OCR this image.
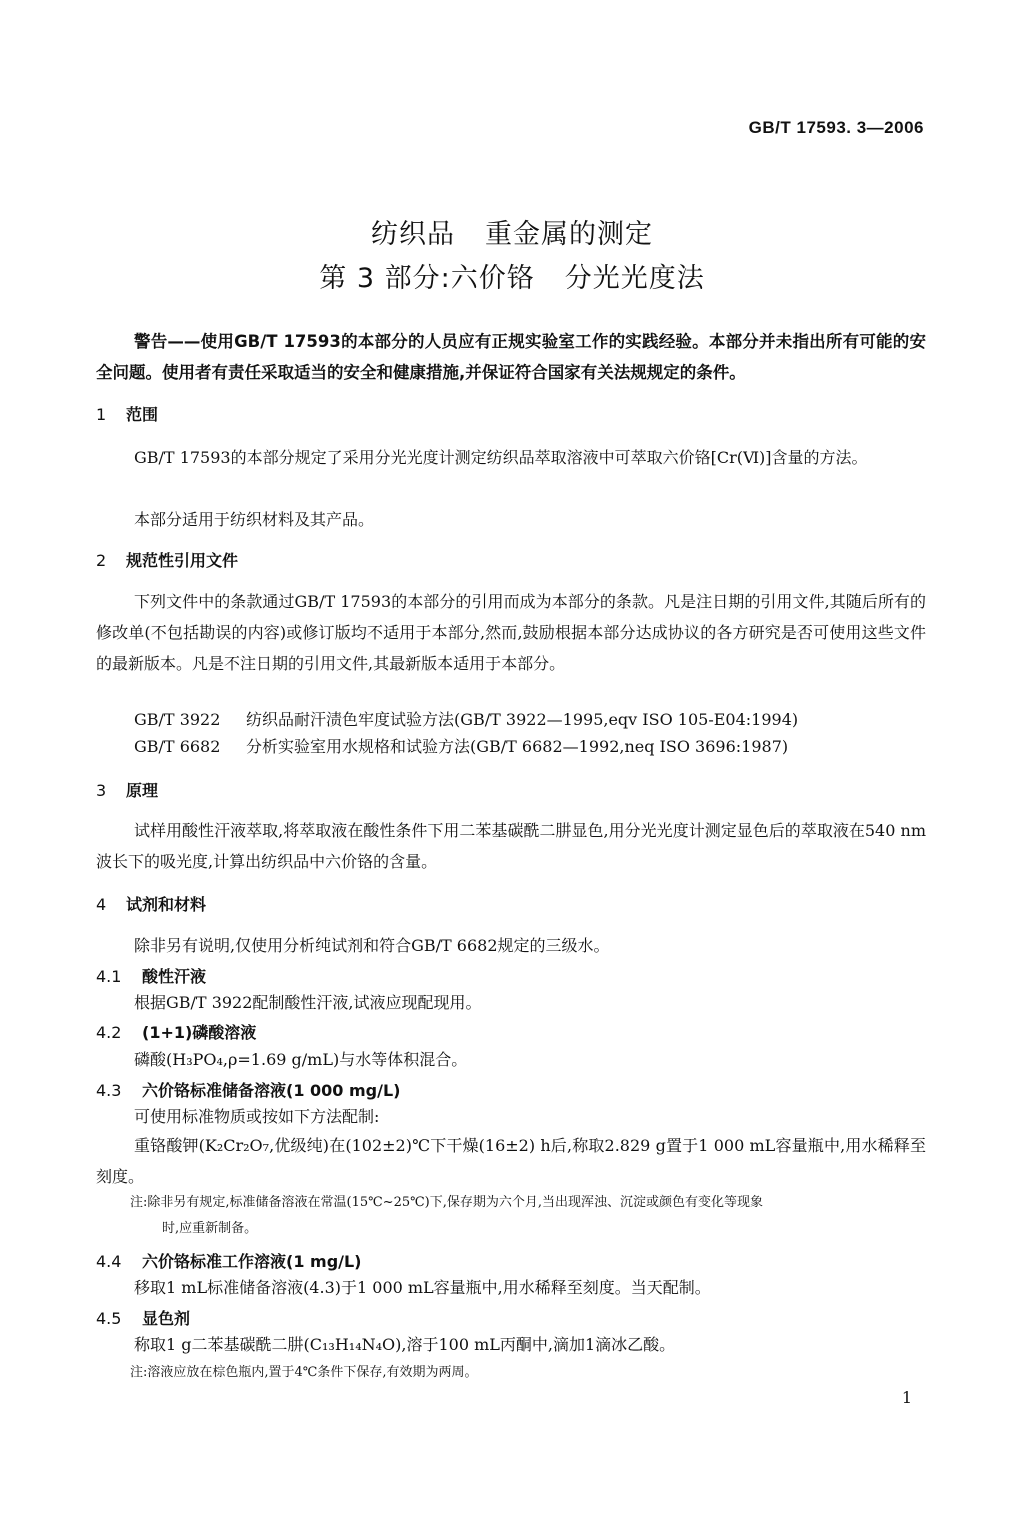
GB/T 17593. 3—2006
纺织品 重金属的测定
第 3 部分:六价铬 分光光度法
警告——使用GB/T 17593的本部分的人员应有正规实验室工作的实践经验。本部分并未指出所有可能的安全问题。使用者有责任采取适当的安全和健康措施,并保证符合国家有关法规规定的条件。
1 范围
GB/T 17593的本部分规定了采用分光光度计测定纺织品萃取溶液中可萃取六价铬[Cr(Ⅵ)]含量的方法。
本部分适用于纺织材料及其产品。
2 规范性引用文件
下列文件中的条款通过GB/T 17593的本部分的引用而成为本部分的条款。凡是注日期的引用文件,其随后所有的修改单(不包括勘误的内容)或修订版均不适用于本部分,然而,鼓励根据本部分达成协议的各方研究是否可使用这些文件的最新版本。凡是不注日期的引用文件,其最新版本适用于本部分。
GB/T 3922 纺织品耐汗渍色牢度试验方法(GB/T 3922—1995,eqv ISO 105-E04:1994)
GB/T 6682 分析实验室用水规格和试验方法(GB/T 6682—1992,neq ISO 3696:1987)
3 原理
试样用酸性汗液萃取,将萃取液在酸性条件下用二苯基碳酰二肼显色,用分光光度计测定显色后的萃取液在540 nm波长下的吸光度,计算出纺织品中六价铬的含量。
4 试剂和材料
除非另有说明,仅使用分析纯试剂和符合GB/T 6682规定的三级水。
4.1 酸性汗液
根据GB/T 3922配制酸性汗液,试液应现配现用。
4.2 (1+1)磷酸溶液
磷酸(H₃PO₄,ρ=1.69 g/mL)与水等体积混合。
4.3 六价铬标准储备溶液(1 000 mg/L)
可使用标准物质或按如下方法配制:
重铬酸钾(K₂Cr₂O₇,优级纯)在(102±2)℃下干燥(16±2) h后,称取2.829 g置于1 000 mL容量瓶中,用水稀释至刻度。
注:除非另有规定,标准储备溶液在常温(15℃~25℃)下,保存期为六个月,当出现浑浊、沉淀或颜色有变化等现象
时,应重新制备。
4.4 六价铬标准工作溶液(1 mg/L)
移取1 mL标准储备溶液(4.3)于1 000 mL容量瓶中,用水稀释至刻度。当天配制。
4.5 显色剂
称取1 g二苯基碳酰二肼(C₁₃H₁₄N₄O),溶于100 mL丙酮中,滴加1滴冰乙酸。
注:溶液应放在棕色瓶内,置于4℃条件下保存,有效期为两周。
1
